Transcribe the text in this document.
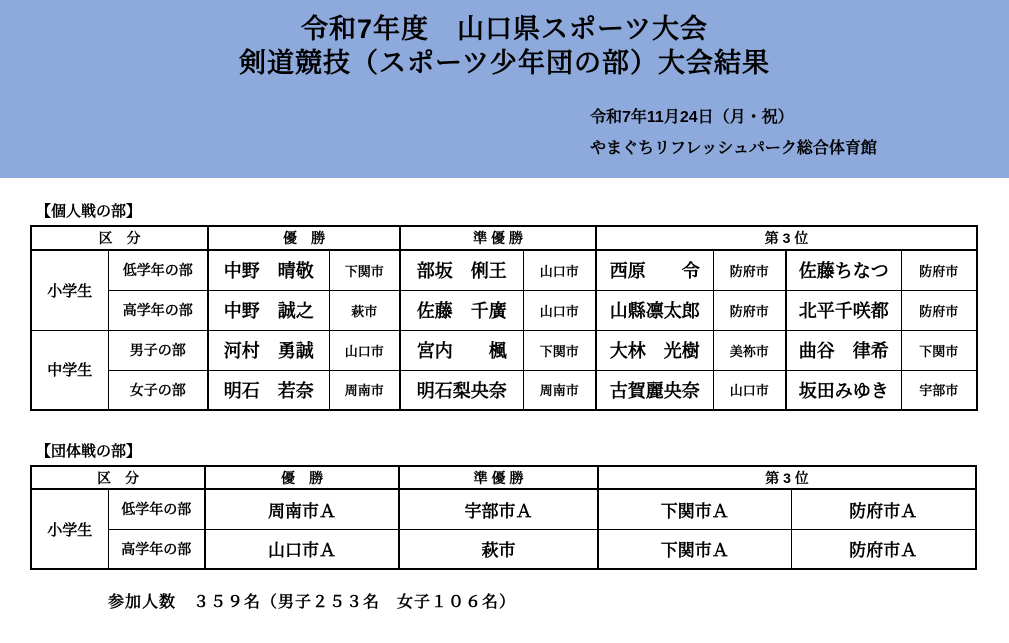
令和7年度　山口県スポーツ大会
剣道競技（スポーツ少年団の部）大会結果
令和7年11月24日（月・祝）
やまぐちリフレッシュパーク総合体育館
【個人戦の部】
区　分		優　勝		準 優 勝		第 3 位			
小学生	低学年の部	中野　晴敬	下関市	部坂　俐王	山口市	西原　　令	防府市	佐藤ちなつ	防府市
	高学年の部	中野　誠之	萩市	佐藤　千廣	山口市	山縣凛太郎	防府市	北平千咲都	防府市
中学生	男子の部	河村　勇誠	山口市	宮内　　楓	下関市	大林　光樹	美祢市	曲谷　律希	下関市
	女子の部	明石　若奈	周南市	明石梨央奈	周南市	古賀麗央奈	山口市	坂田みゆき	宇部市
【団体戦の部】
区　分		優　勝	準 優 勝	第 3 位	
小学生	低学年の部	周南市Ａ	宇部市Ａ	下関市Ａ	防府市Ａ
	高学年の部	山口市Ａ	萩市	下関市Ａ	防府市Ａ
参加人数　３５９名（男子２５３名　女子１０６名）
